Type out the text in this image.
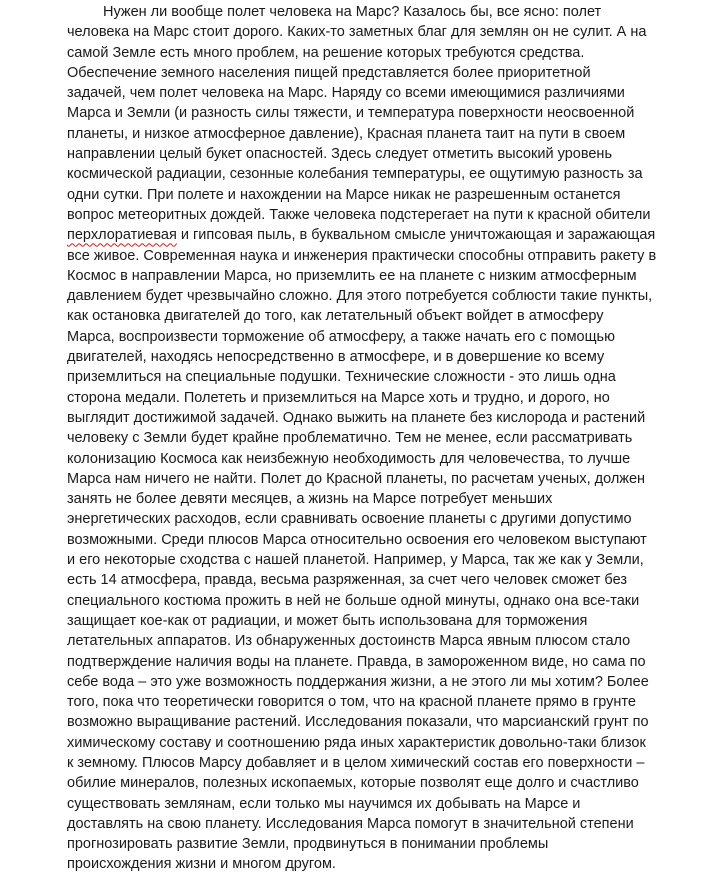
Нужен ли вообще полет человека на Марс? Казалось бы, все ясно: полет
человека на Марс стоит дорого. Каких-то заметных благ для землян он не сулит. А на
самой Земле есть много проблем, на решение которых требуются средства.
Обеспечение земного населения пищей представляется более приоритетной
задачей, чем полет человека на Марс. Наряду со всеми имеющимися различиями
Марса и Земли (и разность силы тяжести, и температура поверхности неосвоенной
планеты, и низкое атмосферное давление), Красная планета таит на пути в своем
направлении целый букет опасностей. Здесь следует отметить высокий уровень
космической радиации, сезонные колебания температуры, ее ощутимую разность за
одни сутки. При полете и нахождении на Марсе никак не разрешенным останется
вопрос метеоритных дождей. Также человека подстерегает на пути к красной обители
перхлоратиевая и гипсовая пыль, в буквальном смысле уничтожающая и заражающая
все живое. Современная наука и инженерия практически способны отправить ракету в
Космос в направлении Марса, но приземлить ее на планете с низким атмосферным
давлением будет чрезвычайно сложно. Для этого потребуется соблюсти такие пункты,
как остановка двигателей до того, как летательный объект войдет в атмосферу
Марса, воспроизвести торможение об атмосферу, а также начать его с помощью
двигателей, находясь непосредственно в атмосфере, и в довершение ко всему
приземлиться на специальные подушки. Технические сложности - это лишь одна
сторона медали. Полететь и приземлиться на Марсе хоть и трудно, и дорого, но
выглядит достижимой задачей. Однако выжить на планете без кислорода и растений
человеку с Земли будет крайне проблематично. Тем не менее, если рассматривать
колонизацию Космоса как неизбежную необходимость для человечества, то лучше
Марса нам ничего не найти. Полет до Красной планеты, по расчетам ученых, должен
занять не более девяти месяцев, а жизнь на Марсе потребует меньших
энергетических расходов, если сравнивать освоение планеты с другими допустимо
возможными. Среди плюсов Марса относительно освоения его человеком выступают
и его некоторые сходства с нашей планетой. Например, у Марса, так же как у Земли,
есть 14 атмосфера, правда, весьма разряженная, за счет чего человек сможет без
специального костюма прожить в ней не больше одной минуты, однако она все-таки
защищает кое-как от радиации, и может быть использована для торможения
летательных аппаратов. Из обнаруженных достоинств Марса явным плюсом стало
подтверждение наличия воды на планете. Правда, в замороженном виде, но сама по
себе вода – это уже возможность поддержания жизни, а не этого ли мы хотим? Более
того, пока что теоретически говорится о том, что на красной планете прямо в грунте
возможно выращивание растений. Исследования показали, что марсианский грунт по
химическому составу и соотношению ряда иных характеристик довольно-таки близок
к земному. Плюсов Марсу добавляет и в целом химический состав его поверхности –
обилие минералов, полезных ископаемых, которые позволят еще долго и счастливо
существовать землянам, если только мы научимся их добывать на Марсе и
доставлять на свою планету. Исследования Марса помогут в значительной степени
прогнозировать развитие Земли, продвинуться в понимании проблемы
происхождения жизни и многом другом.
